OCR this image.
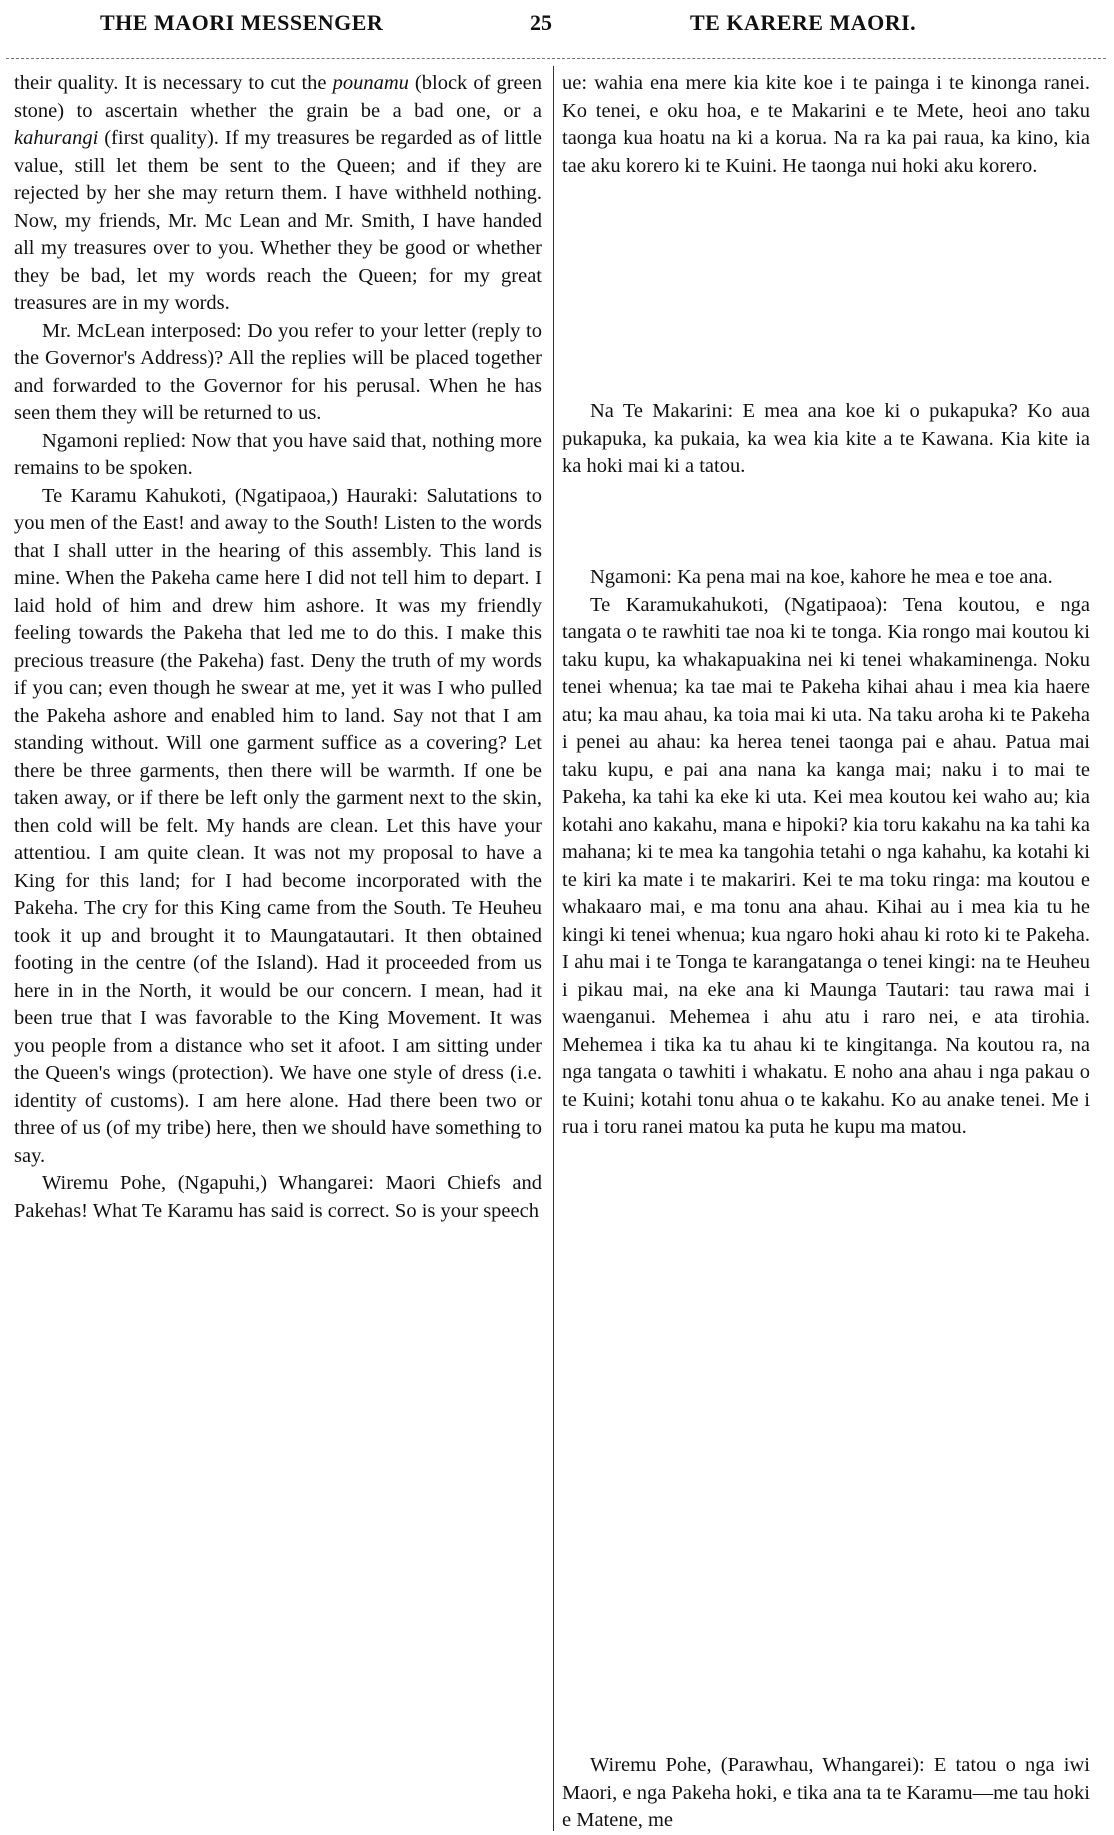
THE MAORI MESSENGER	25	TE KARERE MAORI.

their quality. It is necessary to cut the pounamu (block of green stone) to ascertain whether the grain be a bad one, or a kahurangi (first quality). If my treasures be regarded as of little value, still let them be sent to the Queen; and if they are rejected by her she may return them. I have withheld nothing. Now, my friends, Mr. Mc Lean and Mr. Smith, I have handed all my treasures over to you. Whether they be good or whether they be bad, let my words reach the Queen; for my great treasures are in my words.

Mr. McLean interposed: Do you refer to your letter (reply to the Governor's Address)? All the replies will be placed together and forwarded to the Governor for his perusal. When he has seen them they will be returned to us.

Ngamoni replied: Now that you have said that, nothing more remains to be spoken.

Te Karamu Kahukoti, (Ngatipaoa,) Hauraki: Salutations to you men of the East! and away to the South! Listen to the words that I shall utter in the hearing of this assembly. This land is mine. When the Pakeha came here I did not tell him to depart. I laid hold of him and drew him ashore. It was my friendly feeling towards the Pakeha that led me to do this. I make this precious treasure (the Pakeha) fast. Deny the truth of my words if you can; even though he swear at me, yet it was I who pulled the Pakeha ashore and enabled him to land. Say not that I am standing without. Will one garment suffice as a covering? Let there be three garments, then there will be warmth. If one be taken away, or if there be left only the garment next to the skin, then cold will be felt. My hands are clean. Let this have your attentiou. I am quite clean. It was not my proposal to have a King for this land; for I had become incorporated with the Pakeha. The cry for this King came from the South. Te Heuheu took it up and brought it to Maungatautari. It then obtained footing in the centre (of the Island). Had it proceeded from us here in in the North, it would be our concern. I mean, had it been true that I was favorable to the King Movement. It was you people from a distance who set it afoot. I am sitting under the Queen's wings (protection). We have one style of dress (i.e. identity of customs). I am here alone. Had there been two or three of us (of my tribe) here, then we should have something to say.

Wiremu Pohe, (Ngapuhi,) Whangarei: Maori Chiefs and Pakehas! What Te Karamu has said is correct. So is your speech

ue: wahia ena mere kia kite koe i te painga i te kinonga ranei. Ko tenei, e oku hoa, e te Makarini e te Mete, heoi ano taku taonga kua hoatu na ki a korua. Na ra ka pai raua, ka kino, kia tae aku korero ki te Kuini. He taonga nui hoki aku korero.

Na Te Makarini: E mea ana koe ki o pukapuka? Ko aua pukapuka, ka pukaia, ka wea kia kite a te Kawana. Kia kite ia ka hoki mai ki a tatou.

Ngamoni: Ka pena mai na koe, kahore he mea e toe ana.

Te Karamukahukoti, (Ngatipaoa): Tena koutou, e nga tangata o te rawhiti tae noa ki te tonga. Kia rongo mai koutou ki taku kupu, ka whakapuakina nei ki tenei whakaminenga. Noku tenei whenua; ka tae mai te Pakeha kihai ahau i mea kia haere atu; ka mau ahau, ka toia mai ki uta. Na taku aroha ki te Pakeha i penei au ahau: ka herea tenei taonga pai e ahau. Patua mai taku kupu, e pai ana nana ka kanga mai; naku i to mai te Pakeha, ka tahi ka eke ki uta. Kei mea koutou kei waho au; kia kotahi ano kakahu, mana e hipoki? kia toru kakahu na ka tahi ka mahana; ki te mea ka tangohia tetahi o nga kahahu, ka kotahi ki te kiri ka mate i te makariri. Kei te ma toku ringa: ma koutou e whakaaro mai, e ma tonu ana ahau. Kihai au i mea kia tu he kingi ki tenei whenua; kua ngaro hoki ahau ki roto ki te Pakeha. I ahu mai i te Tonga te karangatanga o tenei kingi: na te Heuheu i pikau mai, na eke ana ki Maunga Tautari: tau rawa mai i waenganui. Mehemea i ahu atu i raro nei, e ata tirohia. Mehemea i tika ka tu ahau ki te kingitanga. Na koutou ra, na nga tangata o tawhiti i whakatu. E noho ana ahau i nga pakau o te Kuini; kotahi tonu ahua o te kakahu. Ko au anake tenei. Me i rua i toru ranei matou ka puta he kupu ma matou.

Wiremu Pohe, (Parawhau, Whangarei): E tatou o nga iwi Maori, e nga Pakeha hoki, e tika ana ta te Karamu—me tau hoki e Matene, me
